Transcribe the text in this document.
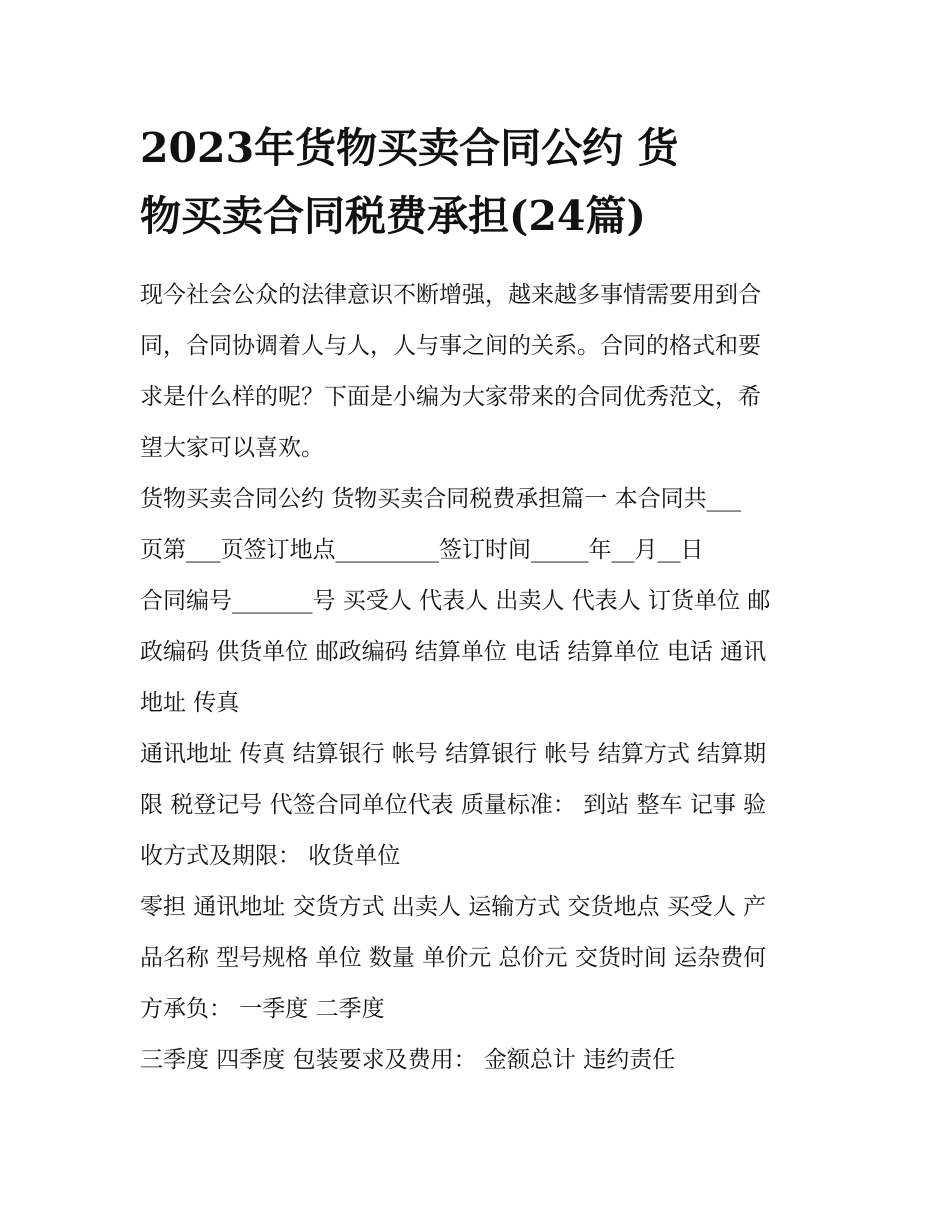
2023年货物买卖合同公约 货
物买卖合同税费承担(24篇)
现今社会公众的法律意识不断增强，越来越多事情需要用到合
同，合同协调着人与人，人与事之间的关系。合同的格式和要
求是什么样的呢？下面是小编为大家带来的合同优秀范文，希
望大家可以喜欢。
货物买卖合同公约 货物买卖合同税费承担篇一 本合同共___
页第___页签订地点_________签订时间_____年__月__日
合同编号_______号 买受人 代表人 出卖人 代表人 订货单位 邮
政编码 供货单位 邮政编码 结算单位 电话 结算单位 电话 通讯
地址 传真
通讯地址 传真 结算银行 帐号 结算银行 帐号 结算方式 结算期
限 税登记号 代签合同单位代表 质量标准： 到站 整车 记事 验
收方式及期限： 收货单位
零担 通讯地址 交货方式 出卖人 运输方式 交货地点 买受人 产
品名称 型号规格 单位 数量 单价元 总价元 交货时间 运杂费何
方承负： 一季度 二季度
三季度 四季度 包装要求及费用： 金额总计 违约责任
